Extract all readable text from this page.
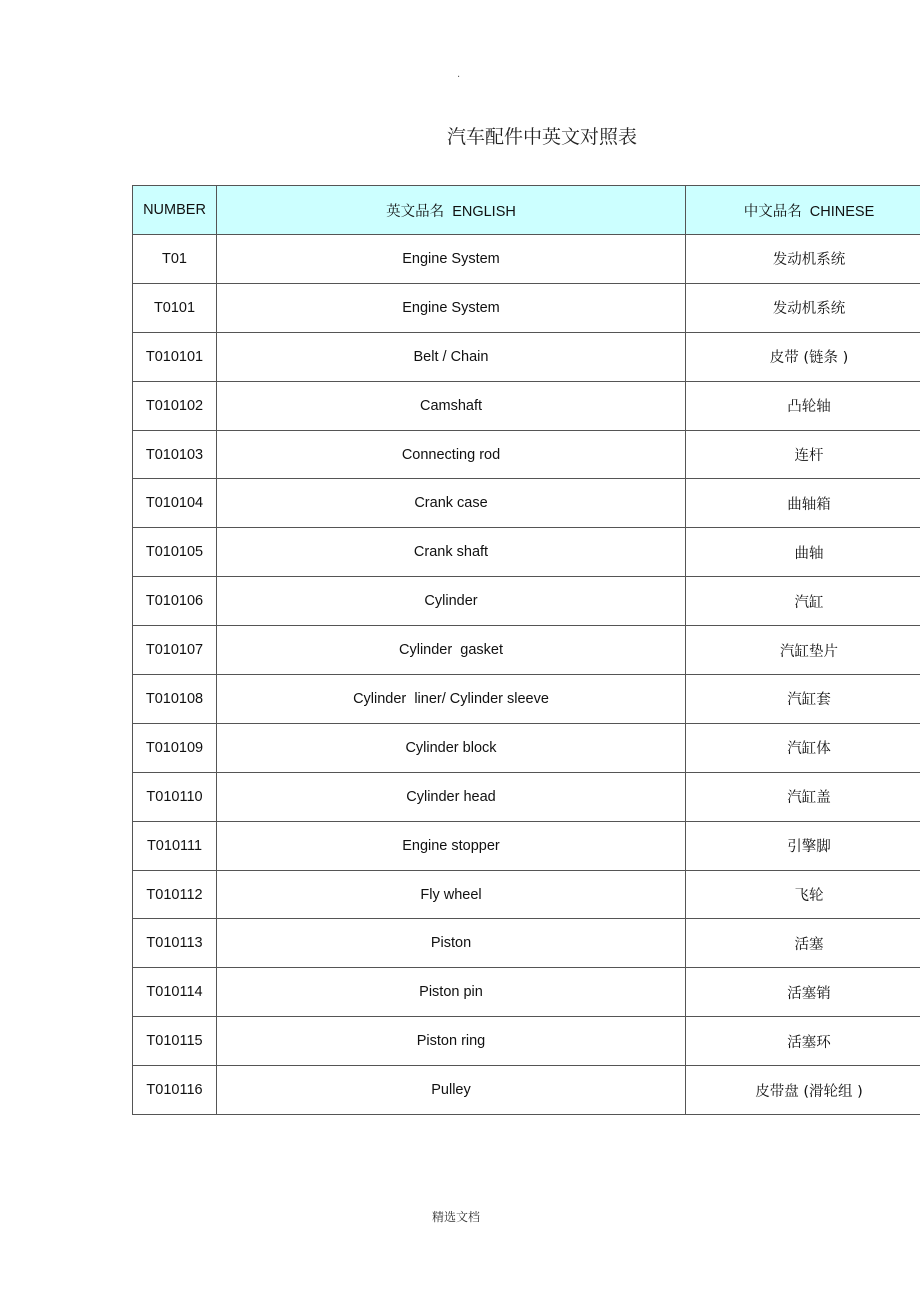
.
汽车配件中英文对照表
NUMBER	英文品名  ENGLISH	中文品名  CHINESE
T01	Engine System	发动机系统
T0101	Engine System	发动机系统
T010101	Belt / Chain	皮带 (链条 )
T010102	Camshaft	凸轮轴
T010103	Connecting rod	连杆
T010104	Crank case	曲轴箱
T010105	Crank shaft	曲轴
T010106	Cylinder	汽缸
T010107	Cylinder  gasket	汽缸垫片
T010108	Cylinder  liner/ Cylinder sleeve	汽缸套
T010109	Cylinder block	汽缸体
T010110	Cylinder head	汽缸盖
T010111	Engine stopper	引擎脚
T010112	Fly wheel	飞轮
T010113	Piston	活塞
T010114	Piston pin	活塞销
T010115	Piston ring	活塞环
T010116	Pulley	皮带盘 (滑轮组 )
精选文档
